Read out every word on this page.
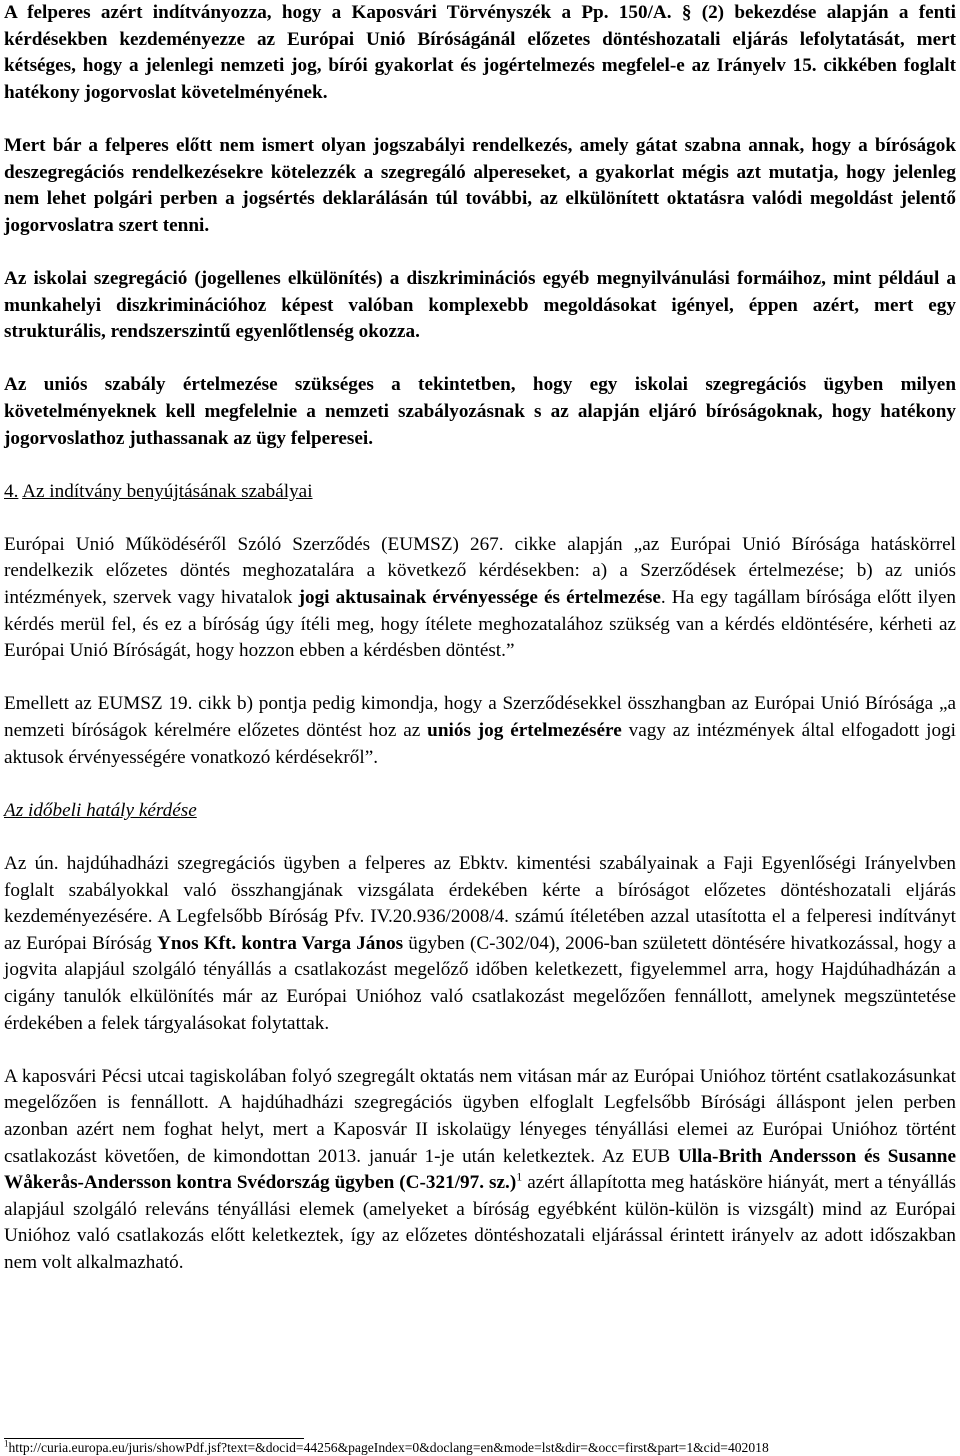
A felperes azért indítványozza, hogy a Kaposvári Törvényszék a Pp. 150/A. § (2) bekezdése alapján a fenti kérdésekben kezdeményezze az Európai Unió Bíróságánál előzetes döntéshozatali eljárás lefolytatását, mert kétséges, hogy a jelenlegi nemzeti jog, bírói gyakorlat és jogértelmezés megfelel-e az Irányelv 15. cikkében foglalt hatékony jogorvoslat követelményének.

Mert bár a felperes előtt nem ismert olyan jogszabályi rendelkezés, amely gátat szabna annak, hogy a bíróságok deszegregációs rendelkezésekre kötelezzék a szegregáló alpereseket, a gyakorlat mégis azt mutatja, hogy jelenleg nem lehet polgári perben a jogsértés deklarálásán túl további, az elkülönített oktatásra valódi megoldást jelentő jogorvoslatra szert tenni.

Az iskolai szegregáció (jogellenes elkülönítés) a diszkriminációs egyéb megnyilvánulási formáihoz, mint például a munkahelyi diszkriminációhoz képest valóban komplexebb megoldásokat igényel, éppen azért, mert egy strukturális, rendszerszintű egyenlőtlenség okozza.

Az uniós szabály értelmezése szükséges a tekintetben, hogy egy iskolai szegregációs ügyben milyen követelményeknek kell megfelelnie a nemzeti szabályozásnak s az alapján eljáró bíróságoknak, hogy hatékony jogorvoslathoz juthassanak az ügy felperesei.

4. Az indítvány benyújtásának szabályai

Európai Unió Működéséről Szóló Szerződés (EUMSZ) 267. cikke alapján „az Európai Unió Bírósága hatáskörrel rendelkezik előzetes döntés meghozatalára a következő kérdésekben: a) a Szerződések értelmezése; b) az uniós intézmények, szervek vagy hivatalok jogi aktusainak érvényessége és értelmezése. Ha egy tagállam bírósága előtt ilyen kérdés merül fel, és ez a bíróság úgy ítéli meg, hogy ítélete meghozatalához szükség van a kérdés eldöntésére, kérheti az Európai Unió Bíróságát, hogy hozzon ebben a kérdésben döntést.”

Emellett az EUMSZ 19. cikk b) pontja pedig kimondja, hogy a Szerződésekkel összhangban az Európai Unió Bírósága „a nemzeti bíróságok kérelmére előzetes döntést hoz az uniós jog értelmezésére vagy az intézmények által elfogadott jogi aktusok érvényességére vonatkozó kérdésekről”.

Az időbeli hatály kérdése

Az ún. hajdúhadházi szegregációs ügyben a felperes az Ebktv. kimentési szabályainak a Faji Egyenlőségi Irányelvben foglalt szabályokkal való összhangjának vizsgálata érdekében kérte a bíróságot előzetes döntéshozatali eljárás kezdeményezésére. A Legfelsőbb Bíróság Pfv. IV.20.936/2008/4. számú ítéletében azzal utasította el a felperesi indítványt az Európai Bíróság Ynos Kft. kontra Varga János ügyben (C-302/04), 2006-ban született döntésére hivatkozással, hogy a jogvita alapjául szolgáló tényállás a csatlakozást megelőző időben keletkezett, figyelemmel arra, hogy Hajdúhadházán a cigány tanulók elkülönítés már az Európai Unióhoz való csatlakozást megelőzően fennállott, amelynek megszüntetése érdekében a felek tárgyalásokat folytattak.

A kaposvári Pécsi utcai tagiskolában folyó szegregált oktatás nem vitásan már az Európai Unióhoz történt csatlakozásunkat megelőzően is fennállott. A hajdúhadházi szegregációs ügyben elfoglalt Legfelsőbb Bírósági álláspont jelen perben azonban azért nem foghat helyt, mert a Kaposvár II iskolaügy lényeges tényállási elemei az Európai Unióhoz történt csatlakozást követően, de kimondottan 2013. január 1-je után keletkeztek. Az EUB Ulla-Brith Andersson és Susanne Wåkerås-Andersson kontra Svédország ügyben (C-321/97. sz.)$^1$ azért állapította meg hatásköre hiányát, mert a tényállás alapjául szolgáló releváns tényállási elemek (amelyeket a bíróság egyébként külön-külön is vizsgált) mind az Európai Unióhoz való csatlakozás előtt keletkeztek, így az előzetes döntéshozatali eljárással érintett irányelv az adott időszakban nem volt alkalmazható.

$^1$http://curia.europa.eu/juris/showPdf.jsf?text=&docid=44256&pageIndex=0&doclang=en&mode=lst&dir=&occ=first&part=1&cid=402018
